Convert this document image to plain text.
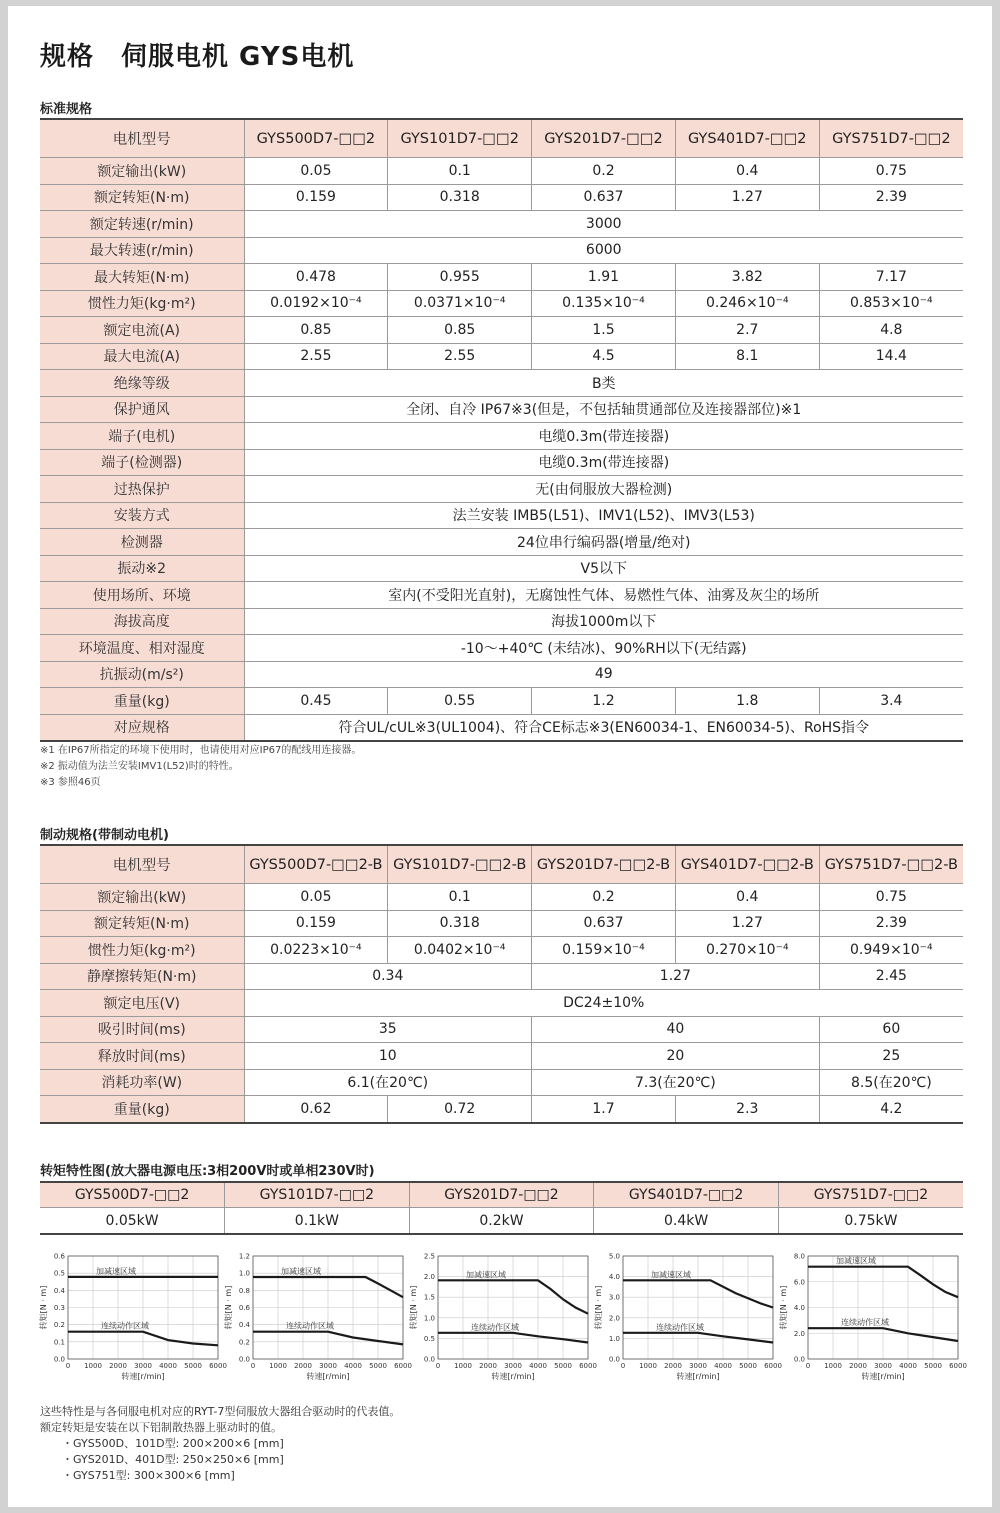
规格　伺服电机 GYS电机
标准规格
电机型号	GYS500D7-□□2	GYS101D7-□□2	GYS201D7-□□2	GYS401D7-□□2	GYS751D7-□□2
额定输出(kW)	0.05	0.1	0.2	0.4	0.75
额定转矩(N·m)	0.159	0.318	0.637	1.27	2.39
额定转速(r/min)	3000				
最大转速(r/min)	6000				
最大转矩(N·m)	0.478	0.955	1.91	3.82	7.17
惯性力矩(kg·m²)	0.0192×10⁻⁴	0.0371×10⁻⁴	0.135×10⁻⁴	0.246×10⁻⁴	0.853×10⁻⁴
额定电流(A)	0.85	0.85	1.5	2.7	4.8
最大电流(A)	2.55	2.55	4.5	8.1	14.4
绝缘等级	B类				
保护通风	全闭、自冷 IP67※3(但是，不包括轴贯通部位及连接器部位)※1				
端子(电机)	电缆0.3m(带连接器)				
端子(检测器)	电缆0.3m(带连接器)				
过热保护	无(由伺服放大器检测)				
安装方式	法兰安装 IMB5(L51)、IMV1(L52)、IMV3(L53)				
检测器	24位串行编码器(增量/绝对)				
振动※2	V5以下				
使用场所、环境	室内(不受阳光直射)，无腐蚀性气体、易燃性气体、油雾及灰尘的场所				
海拔高度	海拔1000m以下				
环境温度、相对湿度	-10～+40℃ (未结冰)、90%RH以下(无结露)				
抗振动(m/s²)	49				
重量(kg)	0.45	0.55	1.2	1.8	3.4
对应规格	符合UL/cUL※3(UL1004)、符合CE标志※3(EN60034-1、EN60034-5)、RoHS指令				
※1 在IP67所指定的环境下使用时，也请使用对应IP67的配线用连接器。
※2 振动值为法兰安装IMV1(L52)时的特性。
※3 参照46页
制动规格(带制动电机)
电机型号	GYS500D7-□□2-B	GYS101D7-□□2-B	GYS201D7-□□2-B	GYS401D7-□□2-B	GYS751D7-□□2-B
额定输出(kW)	0.05	0.1	0.2	0.4	0.75
额定转矩(N·m)	0.159	0.318	0.637	1.27	2.39
惯性力矩(kg·m²)	0.0223×10⁻⁴	0.0402×10⁻⁴	0.159×10⁻⁴	0.270×10⁻⁴	0.949×10⁻⁴
静摩擦转矩(N·m)	0.34		1.27		2.45
额定电压(V)	DC24±10%				
吸引时间(ms)	35		40		60
释放时间(ms)	10		20		25
消耗功率(W)	6.1(在20℃)		7.3(在20℃)		8.5(在20℃)
重量(kg)	0.62	0.72	1.7	2.3	4.2
转矩特性图(放大器电源电压:3相200V时或单相230V时)
GYS500D7-□□2	GYS101D7-□□2	GYS201D7-□□2	GYS401D7-□□2	GYS751D7-□□2
0.05kW	0.1kW	0.2kW	0.4kW	0.75kW
0 1000 2000 3000 4000 5000 6000
0.0
0.1
0.2
0.3
0.4
0.5
0.6
加减速区域
连续动作区域
转速[r/min]
转矩[N · m]
0 1000 2000 3000 4000 5000 6000
0.0
0.2
0.4
0.6
0.8
1.0
1.2
加减速区域
连续动作区域
转速[r/min]
转矩[N · m]
0 1000 2000 3000 4000 5000 6000
0.0
0.5
1.0
1.5
2.0
2.5
加减速区域
连续动作区域
转速[r/min]
转矩[N · m]
0 1000 2000 3000 4000 5000 6000
0.0
1.0
2.0
3.0
4.0
5.0
加减速区域
连续动作区域
转速[r/min]
转矩[N · m]
0 1000 2000 3000 4000 5000 6000
0.0
2.0
4.0
6.0
8.0
加减速区域
连续动作区域
转速[r/min]
转矩[N · m]
这些特性是与各伺服电机对应的RYT-7型伺服放大器组合驱动时的代表值。
额定转矩是安装在以下铝制散热器上驱动时的值。
・GYS500D、101D型: 200×200×6 [mm]
・GYS201D、401D型: 250×250×6 [mm]
・GYS751型: 300×300×6 [mm]
